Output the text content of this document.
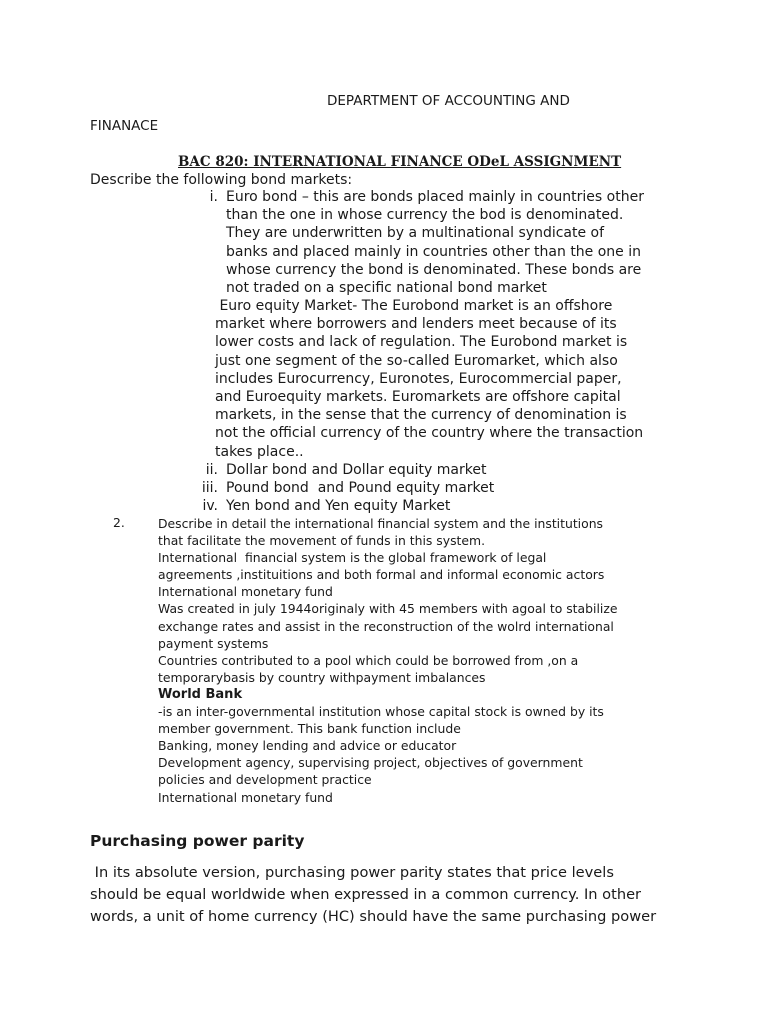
DEPARTMENT OF ACCOUNTING AND
FINANACE
BAC 820: INTERNATIONAL FINANCE ODeL ASSIGNMENT
Describe the following bond markets:
i. Euro bond – this are bonds placed mainly in countries other
than the one in whose currency the bod is denominated.
They are underwritten by a multinational syndicate of
banks and placed mainly in countries other than the one in
whose currency the bond is denominated. These bonds are
not traded on a specific national bond market
Euro equity Market- The Eurobond market is an offshore
market where borrowers and lenders meet because of its
lower costs and lack of regulation. The Eurobond market is
just one segment of the so-called Euromarket, which also
includes Eurocurrency, Euronotes, Eurocommercial paper,
and Euroequity markets. Euromarkets are offshore capital
markets, in the sense that the currency of denomination is
not the official currency of the country where the transaction
takes place..
ii. Dollar bond and Dollar equity market
iii. Pound bond  and Pound equity market
iv. Yen bond and Yen equity Market
2.	Describe in detail the international financial system and the institutions
that facilitate the movement of funds in this system.
International  financial system is the global framework of legal
agreements ,instituitions and both formal and informal economic actors
International monetary fund
Was created in july 1944originaly with 45 members with agoal to stabilize
exchange rates and assist in the reconstruction of the wolrd international
payment systems
Countries contributed to a pool which could be borrowed from ,on a
temporarybasis by country withpayment imbalances
World Bank
-is an inter-governmental institution whose capital stock is owned by its
member government. This bank function include
Banking, money lending and advice or educator
Development agency, supervising project, objectives of government
policies and development practice
International monetary fund
Purchasing power parity
In its absolute version, purchasing power parity states that price levels
should be equal worldwide when expressed in a common currency. In other
words, a unit of home currency (HC) should have the same purchasing power
